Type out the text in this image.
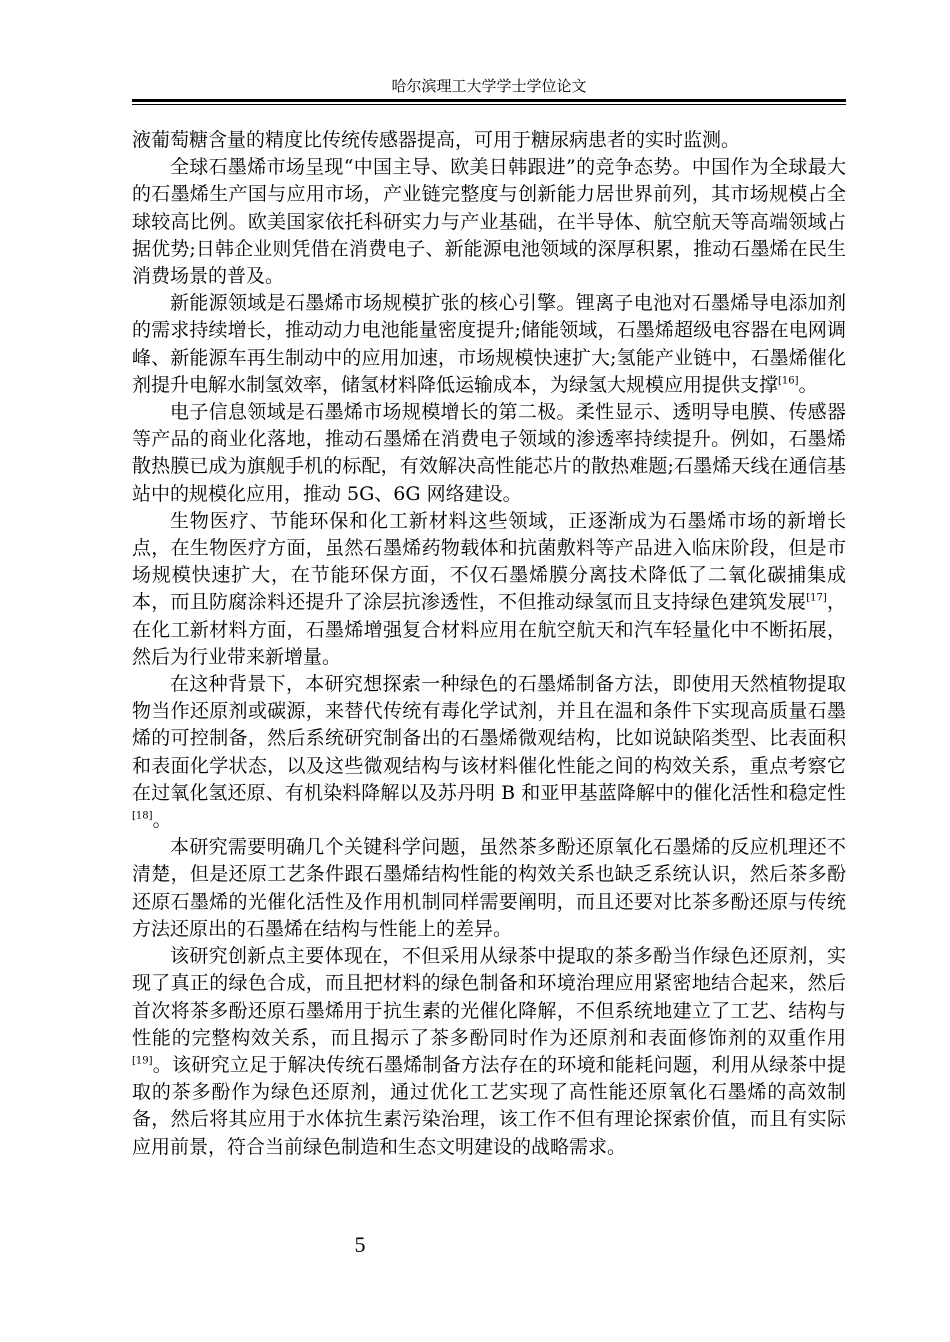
哈尔滨理工大学学士学位论文

液葡萄糖含量的精度比传统传感器提高，可用于糖尿病患者的实时监测。

全球石墨烯市场呈现“中国主导、欧美日韩跟进”的竞争态势。中国作为全球最大的石墨烯生产国与应用市场，产业链完整度与创新能力居世界前列，其市场规模占全球较高比例。欧美国家依托科研实力与产业基础，在半导体、航空航天等高端领域占据优势;日韩企业则凭借在消费电子、新能源电池领域的深厚积累，推动石墨烯在民生消费场景的普及。

新能源领域是石墨烯市场规模扩张的核心引擎。锂离子电池对石墨烯导电添加剂的需求持续增长，推动动力电池能量密度提升;储能领域，石墨烯超级电容器在电网调峰、新能源车再生制动中的应用加速，市场规模快速扩大;氢能产业链中，石墨烯催化剂提升电解水制氢效率，储氢材料降低运输成本，为绿氢大规模应用提供支撑[16]。

电子信息领域是石墨烯市场规模增长的第二极。柔性显示、透明导电膜、传感器等产品的商业化落地，推动石墨烯在消费电子领域的渗透率持续提升。例如，石墨烯散热膜已成为旗舰手机的标配，有效解决高性能芯片的散热难题;石墨烯天线在通信基站中的规模化应用，推动 5G、6G 网络建设。

生物医疗、节能环保和化工新材料这些领域，正逐渐成为石墨烯市场的新增长点，在生物医疗方面，虽然石墨烯药物载体和抗菌敷料等产品进入临床阶段，但是市场规模快速扩大，在节能环保方面，不仅石墨烯膜分离技术降低了二氧化碳捕集成本，而且防腐涂料还提升了涂层抗渗透性，不但推动绿氢而且支持绿色建筑发展[17]，在化工新材料方面，石墨烯增强复合材料应用在航空航天和汽车轻量化中不断拓展，然后为行业带来新增量。

在这种背景下，本研究想探索一种绿色的石墨烯制备方法，即使用天然植物提取物当作还原剂或碳源，来替代传统有毒化学试剂，并且在温和条件下实现高质量石墨烯的可控制备，然后系统研究制备出的石墨烯微观结构，比如说缺陷类型、比表面积和表面化学状态，以及这些微观结构与该材料催化性能之间的构效关系，重点考察它在过氧化氢还原、有机染料降解以及苏丹明 B 和亚甲基蓝降解中的催化活性和稳定性[18]。

本研究需要明确几个关键科学问题，虽然茶多酚还原氧化石墨烯的反应机理还不清楚，但是还原工艺条件跟石墨烯结构性能的构效关系也缺乏系统认识，然后茶多酚还原石墨烯的光催化活性及作用机制同样需要阐明，而且还要对比茶多酚还原与传统方法还原出的石墨烯在结构与性能上的差异。

该研究创新点主要体现在，不但采用从绿茶中提取的茶多酚当作绿色还原剂，实现了真正的绿色合成，而且把材料的绿色制备和环境治理应用紧密地结合起来，然后首次将茶多酚还原石墨烯用于抗生素的光催化降解，不但系统地建立了工艺、结构与性能的完整构效关系，而且揭示了茶多酚同时作为还原剂和表面修饰剂的双重作用[19]。该研究立足于解决传统石墨烯制备方法存在的环境和能耗问题，利用从绿茶中提取的茶多酚作为绿色还原剂，通过优化工艺实现了高性能还原氧化石墨烯的高效制备，然后将其应用于水体抗生素污染治理，该工作不但有理论探索价值，而且有实际应用前景，符合当前绿色制造和生态文明建设的战略需求。

5
